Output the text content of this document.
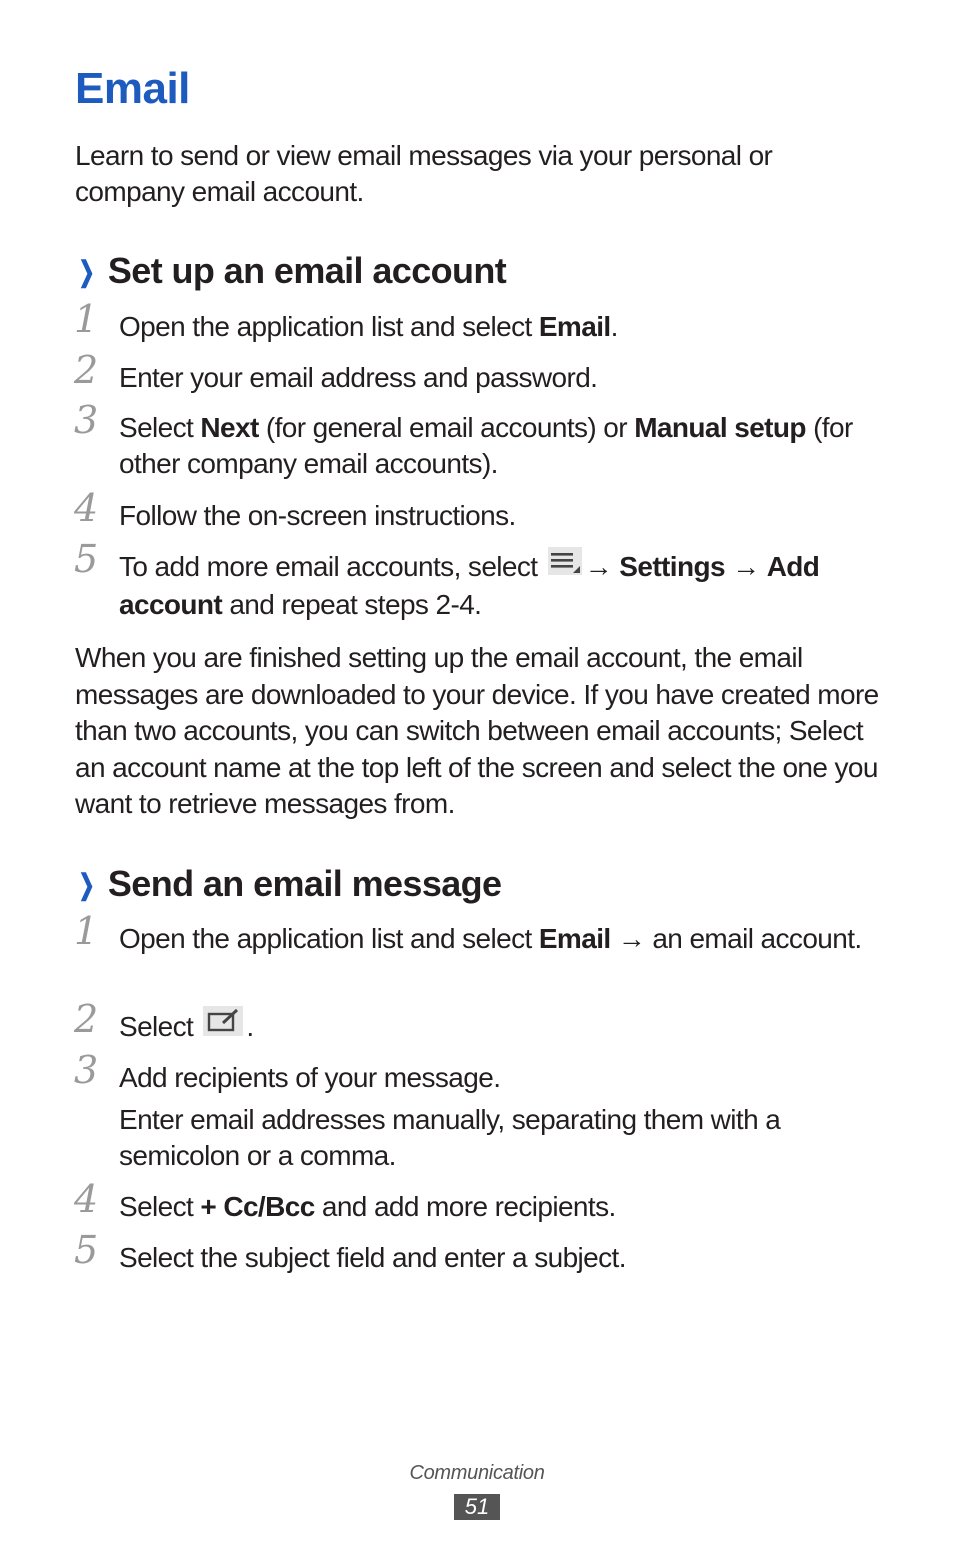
Email
Learn to send or view email messages via your personal or company email account.
❯ Set up an email account
1 Open the application list and select Email.
2 Enter your email address and password.
3 Select Next (for general email accounts) or Manual setup (for other company email accounts).
4 Follow the on-screen instructions.
5 To add more email accounts, select → Settings → Add account and repeat steps 2-4.
When you are finished setting up the email account, the email messages are downloaded to your device. If you have created more than two accounts, you can switch between email accounts; Select an account name at the top left of the screen and select the one you want to retrieve messages from.
❯ Send an email message
1 Open the application list and select Email → an email account.
2 Select .
3 Add recipients of your message.
Enter email addresses manually, separating them with a semicolon or a comma.
4 Select + Cc/Bcc and add more recipients.
5 Select the subject field and enter a subject.
Communication
51
